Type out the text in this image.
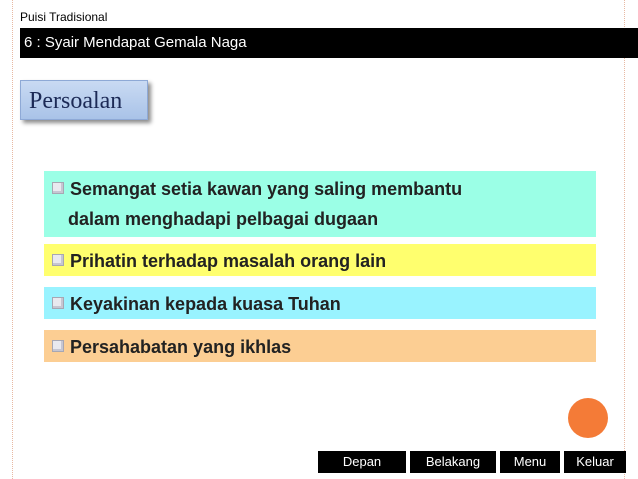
Puisi Tradisional
6 : Syair Mendapat Gemala Naga
Persoalan
Semangat setia kawan yang saling membantu
dalam menghadapi pelbagai dugaan
Prihatin terhadap masalah orang lain
Keyakinan kepada kuasa Tuhan
Persahabatan yang ikhlas
Depan	Belakang	Menu	Keluar
